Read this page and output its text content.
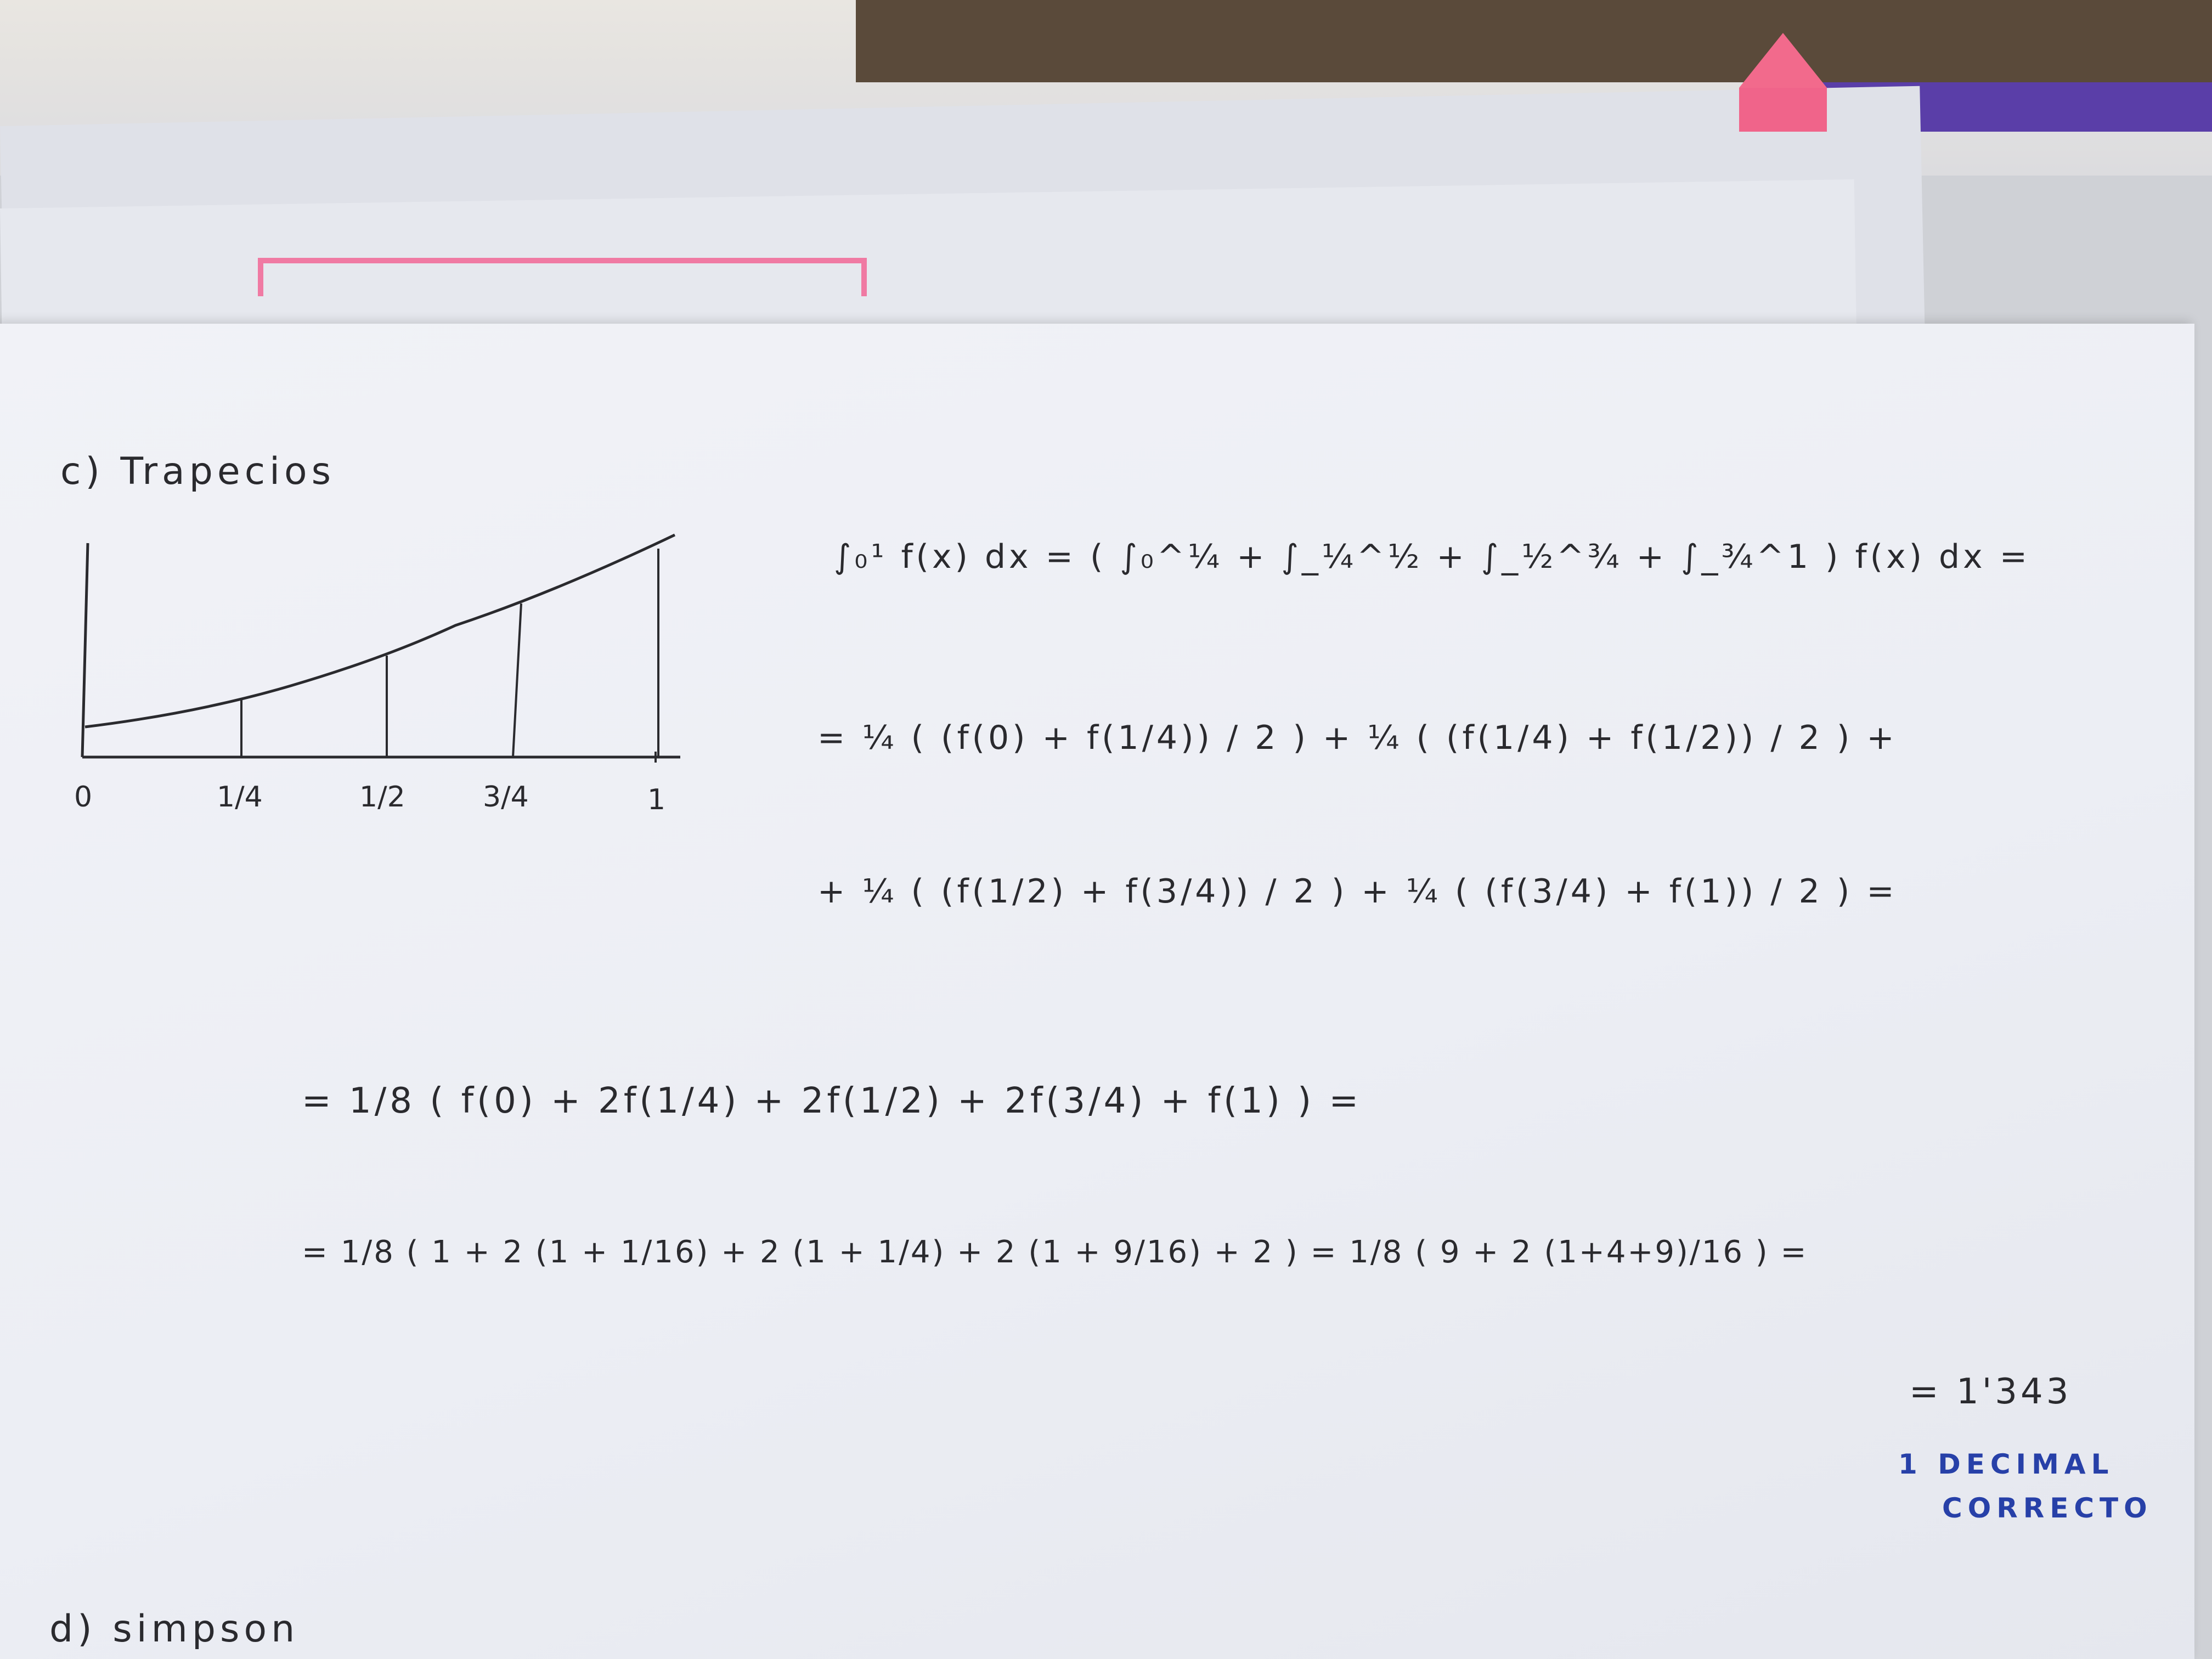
c) Trapecios
0	1/4	1/2	3/4	1
∫₀¹ f(x) dx = ( ∫₀^¼ + ∫_¼^½ + ∫_½^¾ + ∫_¾^1 ) f(x) dx =
= ¼ ( (f(0) + f(1/4)) / 2 ) + ¼ ( (f(1/4) + f(1/2)) / 2 ) +
+ ¼ ( (f(1/2) + f(3/4)) / 2 ) + ¼ ( (f(3/4) + f(1)) / 2 ) =
= 1/8 ( f(0) + 2f(1/4) + 2f(1/2) + 2f(3/4) + f(1) ) =
= 1/8 ( 1 + 2 (1 + 1/16) + 2 (1 + 1/4) + 2 (1 + 9/16) + 2 ) = 1/8 ( 9 + 2 (1+4+9)/16 ) =
= 1'343
1 DECIMAL
CORRECTO
d) simpson
